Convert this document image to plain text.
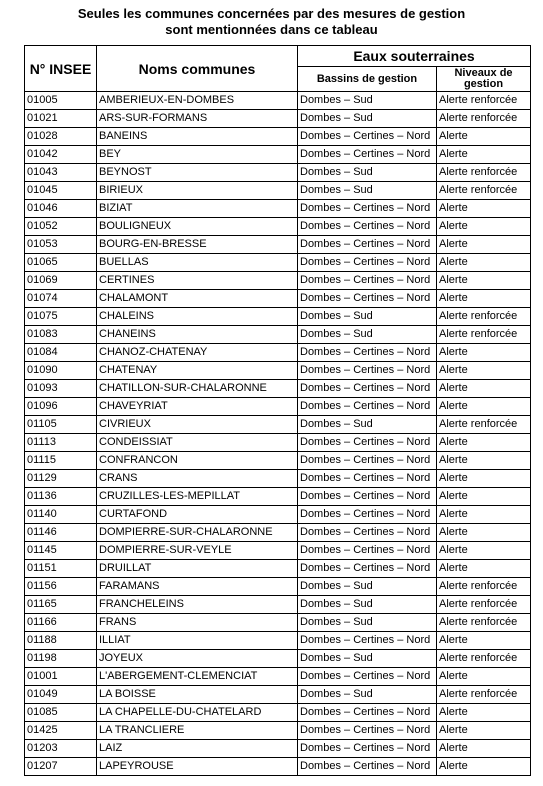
Seules les communes concernées par des mesures de gestion
sont mentionnées dans ce tableau
N° INSEE	Noms communes	Eaux souterraines	
		Bassins de gestion	Niveaux de gestion
01005	AMBERIEUX-EN-DOMBES	Dombes – Sud	Alerte renforcée
01021	ARS-SUR-FORMANS	Dombes – Sud	Alerte renforcée
01028	BANEINS	Dombes – Certines – Nord	Alerte
01042	BEY	Dombes – Certines – Nord	Alerte
01043	BEYNOST	Dombes – Sud	Alerte renforcée
01045	BIRIEUX	Dombes – Sud	Alerte renforcée
01046	BIZIAT	Dombes – Certines – Nord	Alerte
01052	BOULIGNEUX	Dombes – Certines – Nord	Alerte
01053	BOURG-EN-BRESSE	Dombes – Certines – Nord	Alerte
01065	BUELLAS	Dombes – Certines – Nord	Alerte
01069	CERTINES	Dombes – Certines – Nord	Alerte
01074	CHALAMONT	Dombes – Certines – Nord	Alerte
01075	CHALEINS	Dombes – Sud	Alerte renforcée
01083	CHANEINS	Dombes – Sud	Alerte renforcée
01084	CHANOZ-CHATENAY	Dombes – Certines – Nord	Alerte
01090	CHATENAY	Dombes – Certines – Nord	Alerte
01093	CHATILLON-SUR-CHALARONNE	Dombes – Certines – Nord	Alerte
01096	CHAVEYRIAT	Dombes – Certines – Nord	Alerte
01105	CIVRIEUX	Dombes – Sud	Alerte renforcée
01113	CONDEISSIAT	Dombes – Certines – Nord	Alerte
01115	CONFRANCON	Dombes – Certines – Nord	Alerte
01129	CRANS	Dombes – Certines – Nord	Alerte
01136	CRUZILLES-LES-MEPILLAT	Dombes – Certines – Nord	Alerte
01140	CURTAFOND	Dombes – Certines – Nord	Alerte
01146	DOMPIERRE-SUR-CHALARONNE	Dombes – Certines – Nord	Alerte
01145	DOMPIERRE-SUR-VEYLE	Dombes – Certines – Nord	Alerte
01151	DRUILLAT	Dombes – Certines – Nord	Alerte
01156	FARAMANS	Dombes – Sud	Alerte renforcée
01165	FRANCHELEINS	Dombes – Sud	Alerte renforcée
01166	FRANS	Dombes – Sud	Alerte renforcée
01188	ILLIAT	Dombes – Certines – Nord	Alerte
01198	JOYEUX	Dombes – Sud	Alerte renforcée
01001	L'ABERGEMENT-CLEMENCIAT	Dombes – Certines – Nord	Alerte
01049	LA BOISSE	Dombes – Sud	Alerte renforcée
01085	LA CHAPELLE-DU-CHATELARD	Dombes – Certines – Nord	Alerte
01425	LA TRANCLIERE	Dombes – Certines – Nord	Alerte
01203	LAIZ	Dombes – Certines – Nord	Alerte
01207	LAPEYROUSE	Dombes – Certines – Nord	Alerte
